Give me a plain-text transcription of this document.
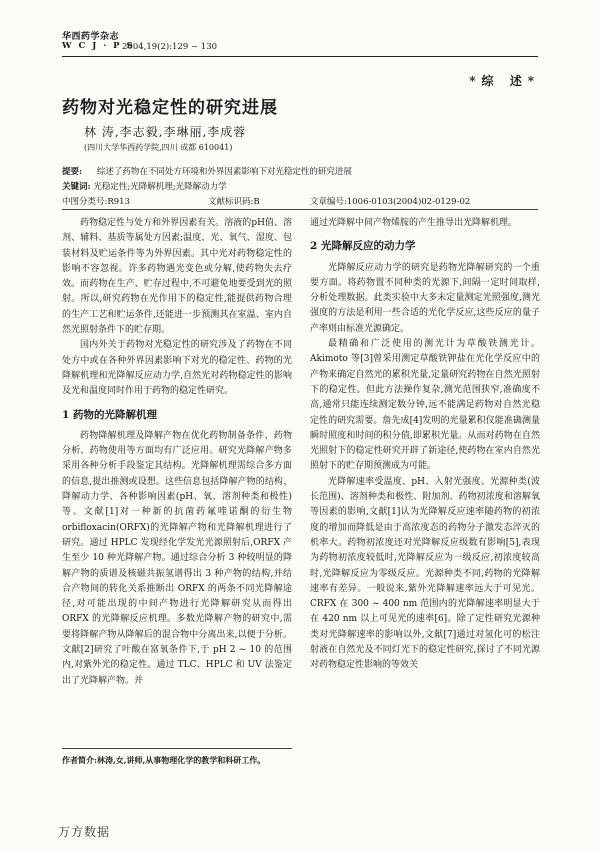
华西药学杂志
W C J · P S
2004,19(2):129 ~ 130
*综 述*
药物对光稳定性的研究进展
林 涛,李志毅,李琳丽,李成蓉
(四川大学华西药学院,四川 成都 610041)
提要: 综述了药物在不同处方环境和外界因素影响下对光稳定性的研究进展
关键词: 光稳定性;光降解机理;光降解动力学
中图分类号:R913	文献标识码:B	文章编号:1006-0103(2004)02-0129-02

药物稳定性与处方和外界因素有关。溶液的pH值、溶剂、辅料、基质等属处方因素;温度、光、氧气、湿度、包装材料及贮运条件等为外界因素。其中光对药物稳定性的影响不容忽视。许多药物遇光变色或分解,使药物失去疗效。而药物在生产、贮存过程中,不可避免地要受到光的照射。所以,研究药物在光作用下的稳定性,能提供药物合理的生产工艺和贮运条件,还能进一步预测其在室温、室内自然光照射条件下的贮存期。

国内外关于药物对光稳定性的研究涉及了药物在不同处方中或在各种外界因素影响下对光的稳定性、药物的光降解机理和光降解反应动力学,自然光对药物稳定性的影响及光和温度同时作用于药物的稳定性研究。

1 药物的光降解机理

药物降解机理及降解产物在优化药物制备条件、药物分析、药物使用等方面均有广泛应用。研究光降解产物多采用各种分析手段鉴定其结构。光降解机理需综合多方面的信息,提出推测或设想。这些信息包括降解产物的结构、降解动力学、各种影响因素(pH、氧、溶剂种类和极性)等。文献[1]对一种新的抗菌药氟喹诺酮的衍生物 orbifloxacin(ORFX)的光降解产物和光降解机理进行了研究。通过 HPLC 发现经化学发光光源照射后,ORFX 产生至少 10 种光降解产物。通过综合分析 3 种较明显的降解产物的质谱及核磁共振氢谱得出 3 种产物的结构,并结合产物间的转化关系推断出 ORFX 的两条不同光降解途径,对可能出现的中间产物进行光降解研究从而得出 ORFX 的光降解反应机理。多数光降解产物的研究中,需要将降解产物从降解后的混合物中分离出来,以便于分析。文献[2]研究了叶酸在富氧条件下,于 pH 2 ~ 10 的范围内,对紫外光的稳定性。通过 TLC、HPLC 和 UV 法鉴定出了光降解产物。并

通过光降解中间产物烯胺的产生推导出光降解机理。

2 光降解反应的动力学

光降解反应动力学的研究是药物光降解研究的一个重要方面。将药物置不同种类的光源下,间隔一定时间取样,分析处理数据。此类实验中大多未定量测定光照强度,测光强度的方法是利用一些合适的光化学反应,这些反应的量子产率则由标准光源确定。

最精确和广泛使用的测光计为草酸铁测光计。Akimoto 等[3]曾采用测定草酸铁钾盐在光化学反应中的产物来确定自然光的累积光量,定量研究药物在自然光照射下的稳定性。但此方法操作复杂,测光范围狭窄,准确度不高,通常只能连续测定数分钟,远不能满足药物对自然光稳定性的研究需要。詹先成[4]发明的光量累积仪能准确测量瞬时照度和时间的积分值,即累积光量。从而对药物在自然光照射下的稳定性研究开辟了新途径,使药物在室内自然光照射下的贮存期预测成为可能。

光降解速率受温度、pH、入射光强度、光源种类(波长范围)、溶剂种类和极性、附加剂、药物初浓度和溶解氧等因素的影响,文献[1]认为光降解反应速率随药物的初浓度的增加而降低是由于高浓度态的药物分子激发态淬灭的机率大。药物初浓度还对光降解反应级数有影响[5],表现为药物初浓度较低时,光降解反应为一级反应,初浓度较高时,光降解反应为零级反应。光源种类不同,药物的光降解速率有差异。一般说来,紫外光降解速率远大于可见光。CRFX 在 300 ~ 400 nm 范围内的光降解速率明显大于在 420 nm 以上可见光的速率[6]。除了定性研究光源种类对光降解速率的影响以外,文献[7]通过对氢化可的松注射液在自然光及不同灯光下的稳定性研究,探讨了不同光源对药物稳定性影响的等效关

作者简介:林涛,女,讲师,从事物理化学的教学和科研工作。
万方数据
